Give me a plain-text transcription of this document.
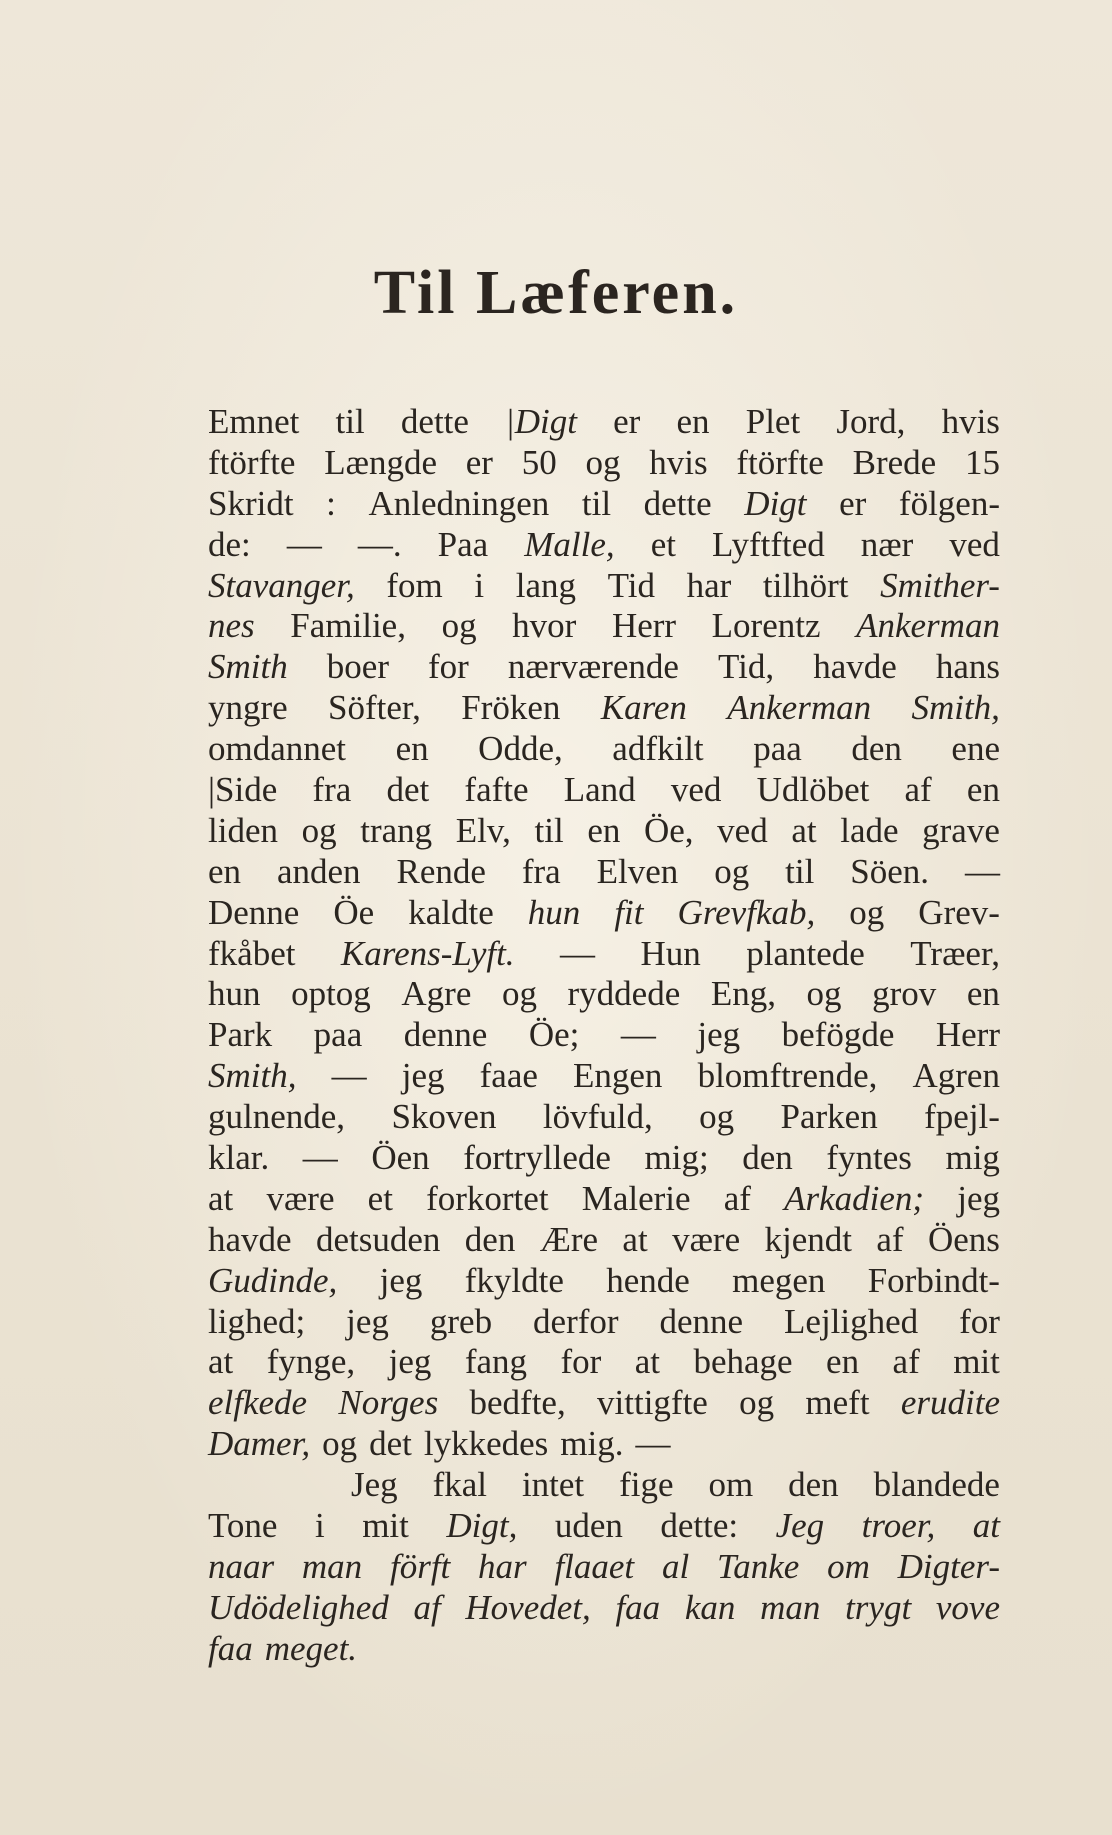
Til Læferen.
Emnet til dette |Digt er en Plet Jord, hvis
ftörfte Længde er 50 og hvis ftörfte Brede 15
Skridt : Anledningen til dette Digt er fölgen-
de: — —. Paa Malle, et Lyftfted nær ved
Stavanger, fom i lang Tid har tilhört Smither-
nes Familie, og hvor Herr Lorentz Ankerman
Smith boer for nærværende Tid, havde hans
yngre Söfter, Fröken Karen Ankerman Smith,
omdannet en Odde, adfkilt paa den ene
|Side fra det fafte Land ved Udlöbet af en
liden og trang Elv, til en Öe, ved at lade grave
en anden Rende fra Elven og til Söen. —
Denne Öe kaldte hun fit Grevfkab, og Grev-
fkåbet Karens-Lyft. — Hun plantede Træer,
hun optog Agre og ryddede Eng, og grov en
Park paa denne Öe; — jeg befögde Herr
Smith, — jeg faae Engen blomftrende, Agren
gulnende, Skoven lövfuld, og Parken fpejl-
klar. — Öen fortryllede mig; den fyntes mig
at være et forkortet Malerie af Arkadien; jeg
havde detsuden den Ære at være kjendt af Öens
Gudinde, jeg fkyldte hende megen Forbindt-
lighed; jeg greb derfor denne Lejlighed for
at fynge, jeg fang for at behage en af mit
elfkede Norges bedfte, vittigfte og meft erudite
Damer, og det lykkedes mig. —
Jeg fkal intet fige om den blandede
Tone i mit Digt, uden dette: Jeg troer, at
naar man förft har flaaet al Tanke om Digter-
Udödelighed af Hovedet, faa kan man trygt vove
faa meget.
